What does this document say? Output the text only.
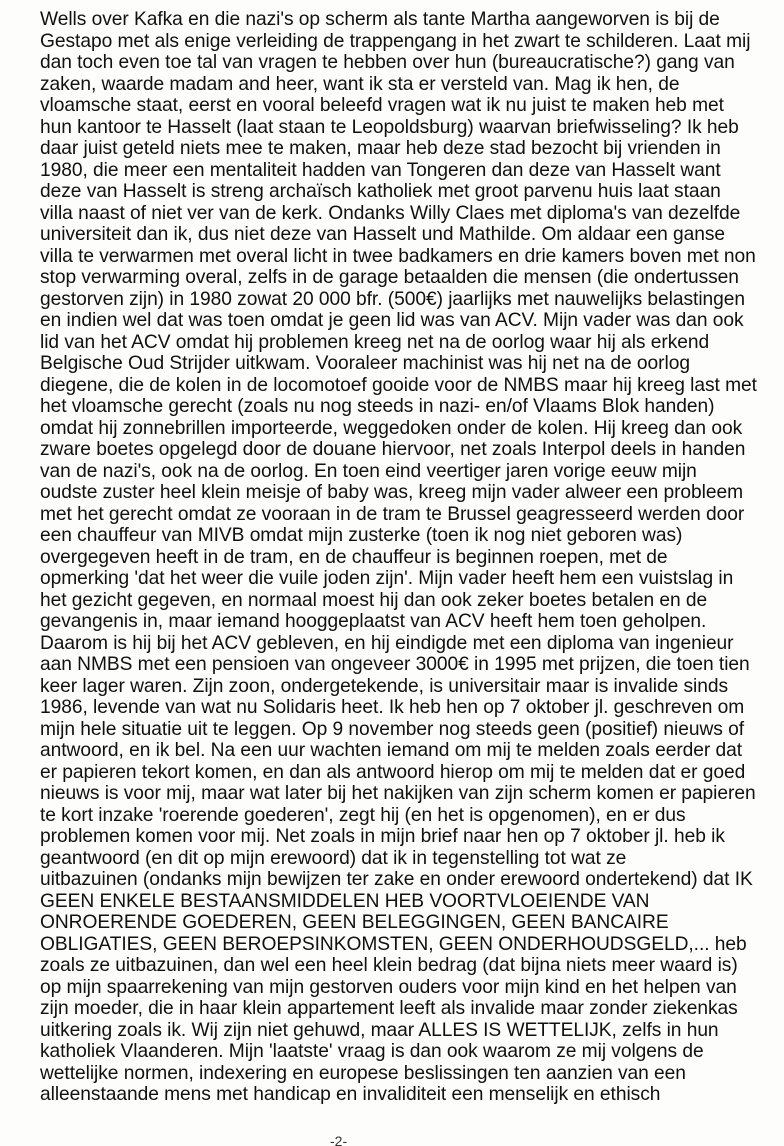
Wells over Kafka en die nazi's op scherm als tante Martha aangeworven is bij de
Gestapo met als enige verleiding de trappengang in het zwart te schilderen. Laat mij
dan toch even toe tal van vragen te hebben over hun (bureaucratische?) gang van
zaken, waarde madam and heer, want ik sta er versteld van. Mag ik hen, de
vloamsche staat, eerst en vooral beleefd vragen wat ik nu juist te maken heb met
hun kantoor te Hasselt (laat staan te Leopoldsburg) waarvan briefwisseling? Ik heb
daar juist geteld niets mee te maken, maar heb deze stad bezocht bij vrienden in
1980, die meer een mentaliteit hadden van Tongeren dan deze van Hasselt want
deze van Hasselt is streng archaïsch katholiek met groot parvenu huis laat staan
villa naast of niet ver van de kerk. Ondanks Willy Claes met diploma's van dezelfde
universiteit dan ik, dus niet deze van Hasselt und Mathilde. Om aldaar een ganse
villa te verwarmen met overal licht in twee badkamers en drie kamers boven met non
stop verwarming overal, zelfs in de garage betaalden die mensen (die ondertussen
gestorven zijn) in 1980 zowat 20 000 bfr. (500€) jaarlijks met nauwelijks belastingen
en indien wel dat was toen omdat je geen lid was van ACV. Mijn vader was dan ook
lid van het ACV omdat hij problemen kreeg net na de oorlog waar hij als erkend
Belgische Oud Strijder uitkwam. Vooraleer machinist was hij net na de oorlog
diegene, die de kolen in de locomotoef gooide voor de NMBS maar hij kreeg last met
het vloamsche gerecht (zoals nu nog steeds in nazi- en/of Vlaams Blok handen)
omdat hij zonnebrillen importeerde, weggedoken onder de kolen. Hij kreeg dan ook
zware boetes opgelegd door de douane hiervoor, net zoals Interpol deels in handen
van de nazi's, ook na de oorlog. En toen eind veertiger jaren vorige eeuw mijn
oudste zuster heel klein meisje of baby was, kreeg mijn vader alweer een probleem
met het gerecht omdat ze vooraan in de tram te Brussel geagresseerd werden door
een chauffeur van MIVB omdat mijn zusterke (toen ik nog niet geboren was)
overgegeven heeft in de tram, en de chauffeur is beginnen roepen, met de
opmerking 'dat het weer die vuile joden zijn'. Mijn vader heeft hem een vuistslag in
het gezicht gegeven, en normaal moest hij dan ook zeker boetes betalen en de
gevangenis in, maar iemand hooggeplaatst van ACV heeft hem toen geholpen.
Daarom is hij bij het ACV gebleven, en hij eindigde met een diploma van ingenieur
aan NMBS met een pensioen van ongeveer 3000€ in 1995 met prijzen, die toen tien
keer lager waren. Zijn zoon, ondergetekende, is universitair maar is invalide sinds
1986, levende van wat nu Solidaris heet. Ik heb hen op 7 oktober jl. geschreven om
mijn hele situatie uit te leggen. Op 9 november nog steeds geen (positief) nieuws of
antwoord, en ik bel. Na een uur wachten iemand om mij te melden zoals eerder dat
er papieren tekort komen, en dan als antwoord hierop om mij te melden dat er goed
nieuws is voor mij, maar wat later bij het nakijken van zijn scherm komen er papieren
te kort inzake 'roerende goederen', zegt hij (en het is opgenomen), en er dus
problemen komen voor mij. Net zoals in mijn brief naar hen op 7 oktober jl. heb ik
geantwoord (en dit op mijn erewoord) dat ik in tegenstelling tot wat ze
uitbazuinen (ondanks mijn bewijzen ter zake en onder erewoord ondertekend) dat IK
GEEN ENKELE BESTAANSMIDDELEN HEB VOORTVLOEIENDE VAN
ONROERENDE GOEDEREN, GEEN BELEGGINGEN, GEEN BANCAIRE
OBLIGATIES, GEEN BEROEPSINKOMSTEN, GEEN ONDERHOUDSGELD,... heb
zoals ze uitbazuinen, dan wel een heel klein bedrag (dat bijna niets meer waard is)
op mijn spaarrekening van mijn gestorven ouders voor mijn kind en het helpen van
zijn moeder, die in haar klein appartement leeft als invalide maar zonder ziekenkas
uitkering zoals ik. Wij zijn niet gehuwd, maar ALLES IS WETTELIJK, zelfs in hun
katholiek Vlaanderen. Mijn 'laatste' vraag is dan ook waarom ze mij volgens de
wettelijke normen, indexering en europese beslissingen ten aanzien van een
alleenstaande mens met handicap en invaliditeit een menselijk en ethisch
-2-
